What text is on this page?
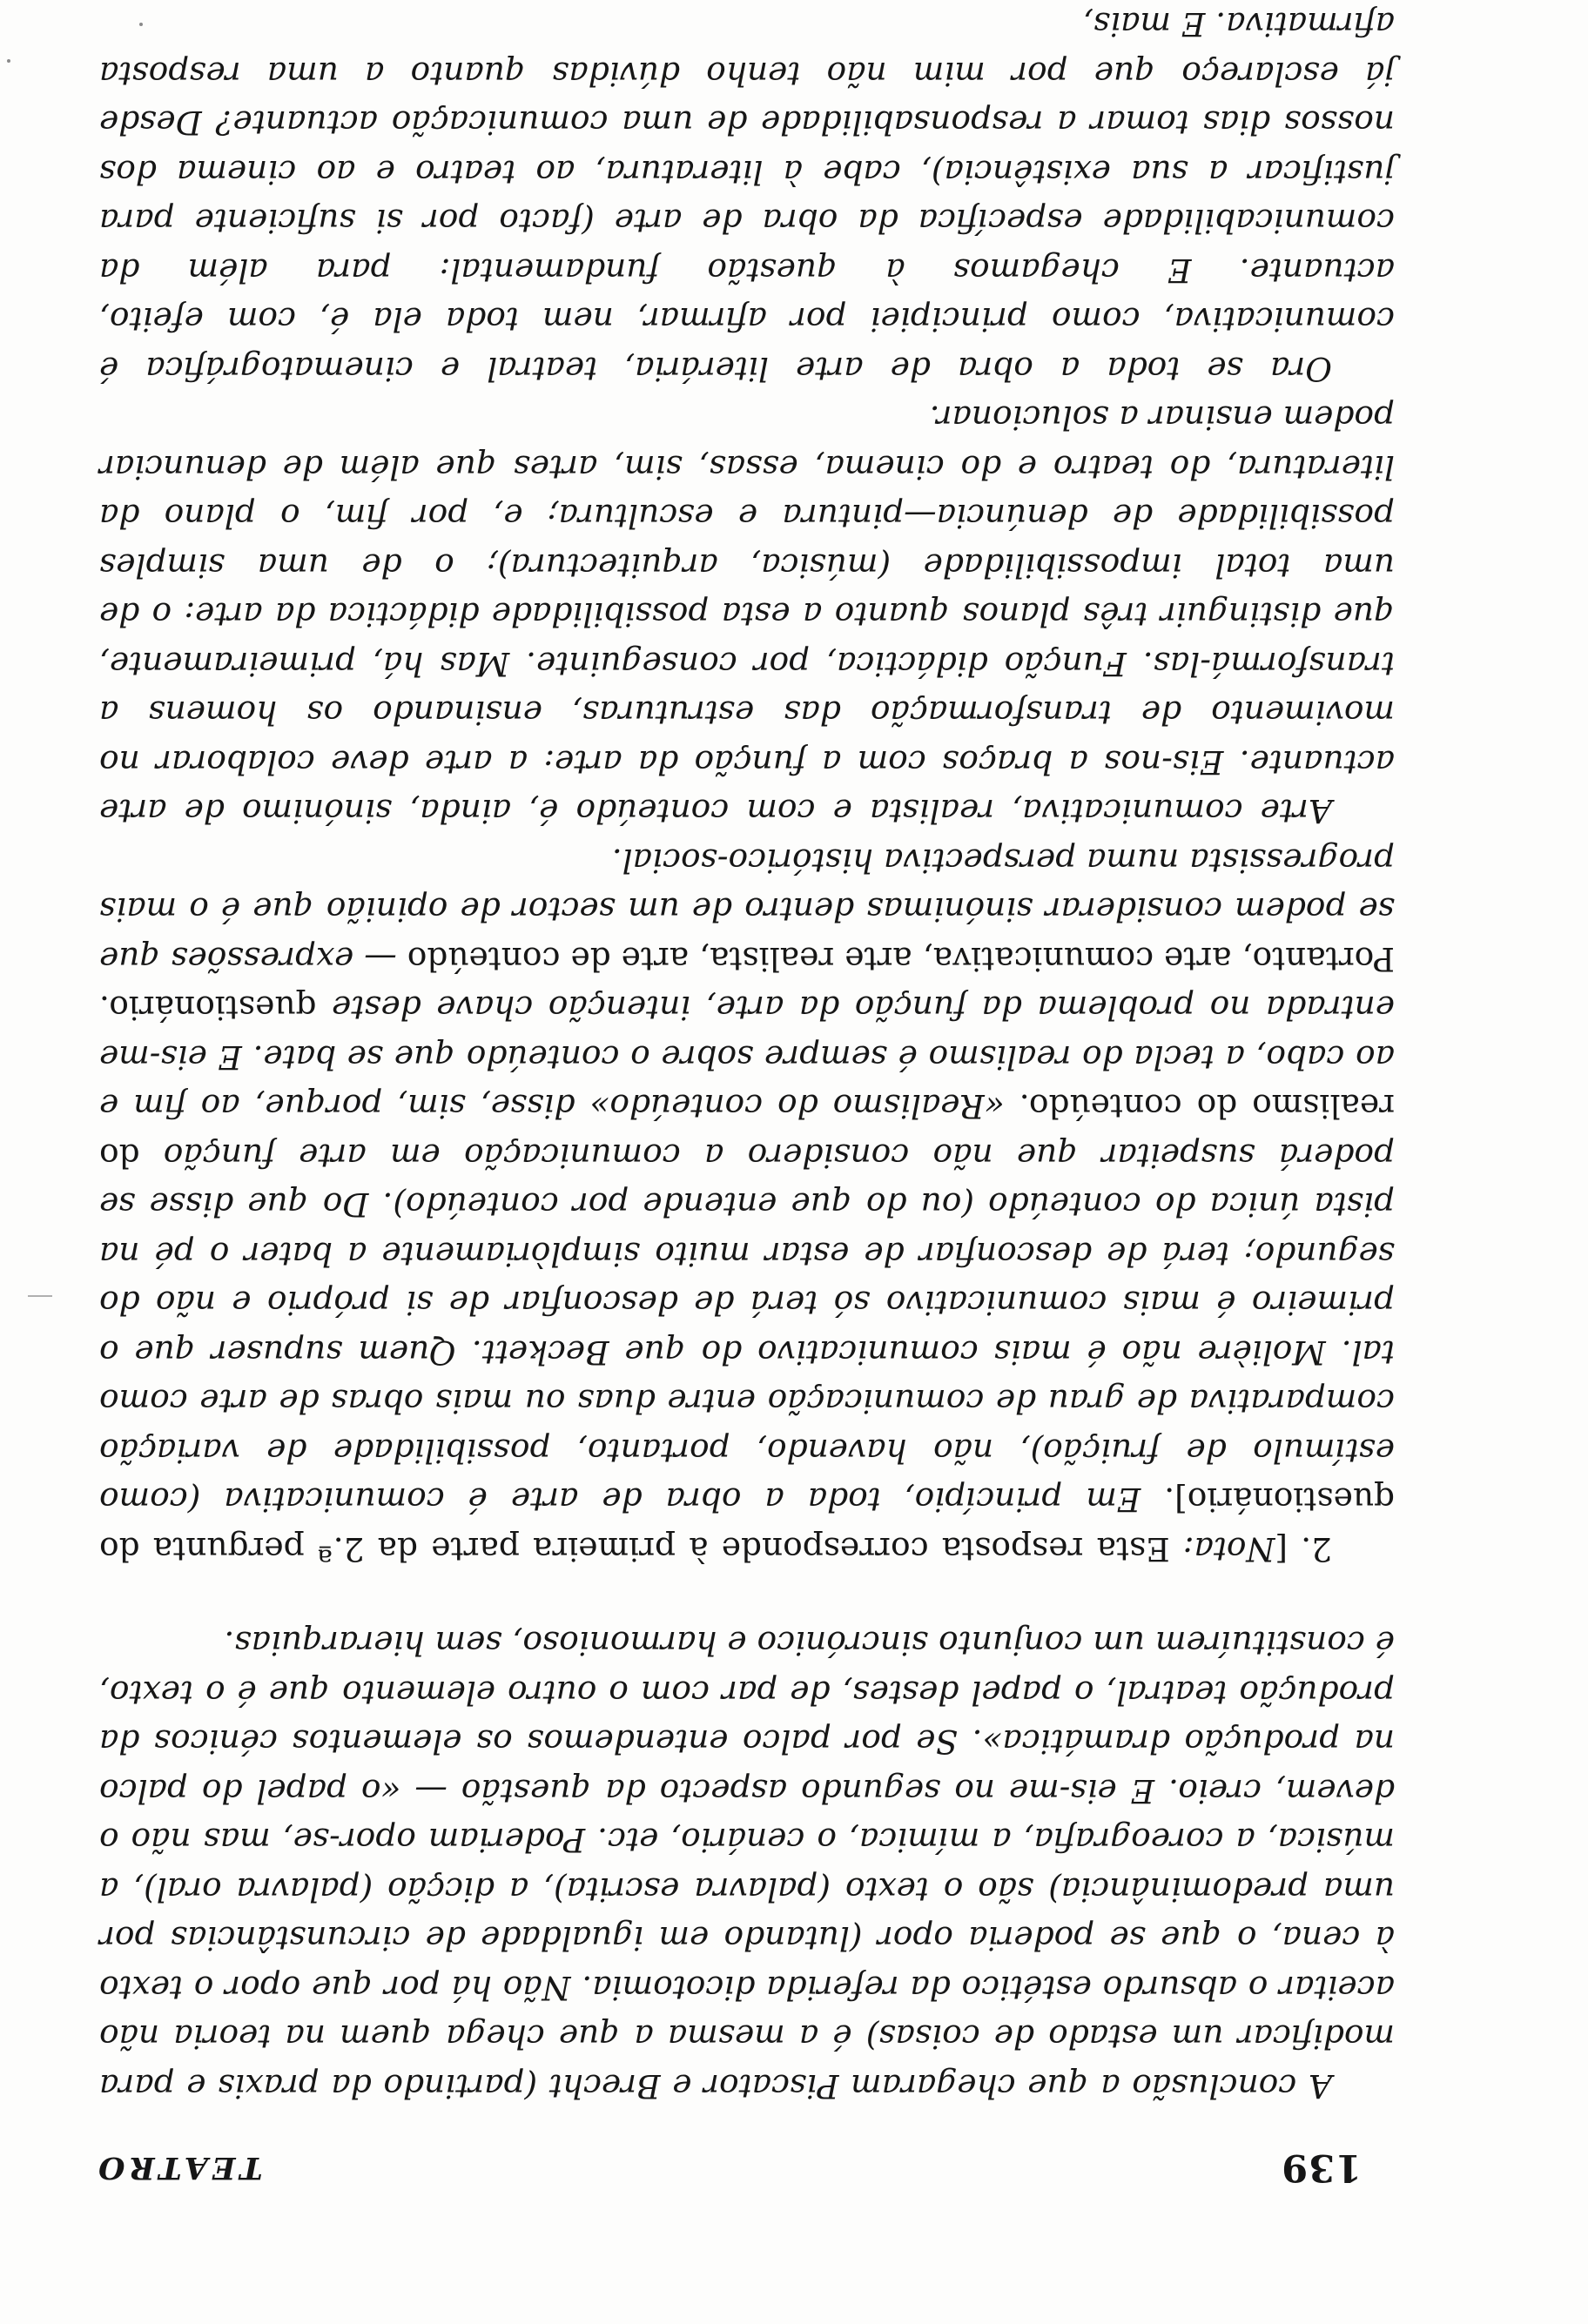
139
TEATRO

A conclusão a que chegaram Piscator e Brecht (partindo da praxis e para modificar um estado de coisas) é a mesma a que chega quem na teoria não aceitar o absurdo estético da referida dicotomia. Não há por que opor o texto à cena, o que se poderia opor (lutando em igualdade de circunstâncias por uma predominância) são o texto (palavra escrita), a dicção (palavra oral), a música, a coreografia, a mímica, o cenário, etc. Poderiam opor-se, mas não o devem, creio. E eis-me no segundo aspecto da questão — «o papel do palco na produção dramática». Se por palco entendemos os elementos cénicos da produção teatral, o papel destes, de par com o outro elemento que é o texto, é constituírem um conjunto sincrónico e harmonioso, sem hierarquias.

2. [Nota: Esta resposta corresponde à primeira parte da 2.ª pergunta do questionário]. Em princípio, toda a obra de arte é comunicativa (como estímulo de fruição), não havendo, portanto, possibilidade de variação comparativa de grau de comunicação entre duas ou mais obras de arte como tal. Molière não é mais comunicativo do que Beckett. Quem supuser que o primeiro é mais comunicativo só terá de desconfiar de si próprio e não do segundo; terá de desconfiar de estar muito simplòriamente a bater o pé na pista única do conteúdo (ou do que entende por conteúdo). Do que disse se poderá suspeitar que não considero a comunicação em arte função do realismo do conteúdo. «Realismo do conteúdo» disse, sim, porque, ao fim e ao cabo, a tecla do realismo é sempre sobre o conteúdo que se bate. E eis-me entrada no problema da função da arte, intenção chave deste questionário. Portanto, arte comunicativa, arte realista, arte de conteúdo — expressões que se podem considerar sinónimas dentro de um sector de opinião que é o mais progressista numa perspectiva histórico-social.

Arte comunicativa, realista e com conteúdo é, ainda, sinónimo de arte actuante. Eis-nos a braços com a função da arte: a arte deve colaborar no movimento de transformação das estruturas, ensinando os homens a transformá-las. Função didáctica, por conseguinte. Mas há, primeiramente, que distinguir três planos quanto a esta possibilidade didáctica da arte: o de uma total impossibilidade (música, arquitectura); o de uma simples possibilidade de denúncia—pintura e escultura; e, por fim, o plano da literatura, do teatro e do cinema, essas, sim, artes que além de denunciar podem ensinar a solucionar.

Ora se toda a obra de arte literária, teatral e cinematográfica é comunicativa, como principiei por afirmar, nem toda ela é, com efeito, actuante. E chegamos à questão fundamental: para além da comunicabilidade específica da obra de arte (facto por si suficiente para justificar a sua existência), cabe à literatura, ao teatro e ao cinema dos nossos dias tomar a responsabilidade de uma comunicação actuante? Desde já esclareço que por mim não tenho dúvidas quanto a uma resposta afirmativa. E mais,
